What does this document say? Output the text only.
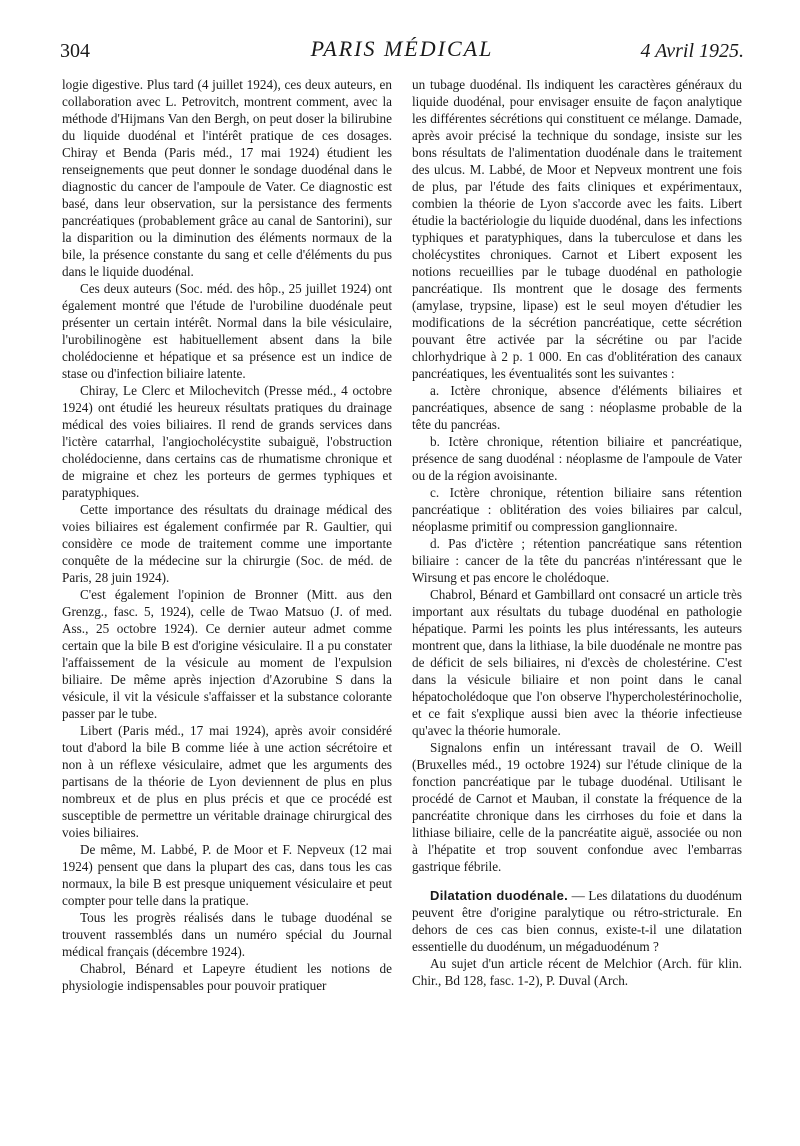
304	PARIS MÉDICAL	4 Avril 1925.

logie digestive. Plus tard (4 juillet 1924), ces deux auteurs, en collaboration avec L. Petrovitch, montrent comment, avec la méthode d'Hijmans Van den Bergh, on peut doser la bilirubine du liquide duodénal et l'intérêt pratique de ces dosages. Chiray et Benda (Paris méd., 17 mai 1924) étudient les renseignements que peut donner le sondage duodénal dans le diagnostic du cancer de l'ampoule de Vater. Ce diagnostic est basé, dans leur observation, sur la persistance des ferments pancréatiques (probablement grâce au canal de Santorini), sur la disparition ou la diminution des éléments normaux de la bile, la présence constante du sang et celle d'éléments du pus dans le liquide duodénal.

Ces deux auteurs (Soc. méd. des hôp., 25 juillet 1924) ont également montré que l'étude de l'urobiline duodénale peut présenter un certain intérêt. Normal dans la bile vésiculaire, l'urobilinogène est habituellement absent dans la bile cholédocienne et hépatique et sa présence est un indice de stase ou d'infection biliaire latente.

Chiray, Le Clerc et Milochevitch (Presse méd., 4 octobre 1924) ont étudié les heureux résultats pratiques du drainage médical des voies biliaires. Il rend de grands services dans l'ictère catarrhal, l'angiocholécystite subaiguë, l'obstruction cholédocienne, dans certains cas de rhumatisme chronique et de migraine et chez les porteurs de germes typhiques et paratyphiques.

Cette importance des résultats du drainage médical des voies biliaires est également confirmée par R. Gaultier, qui considère ce mode de traitement comme une importante conquête de la médecine sur la chirurgie (Soc. de méd. de Paris, 28 juin 1924).

C'est également l'opinion de Bronner (Mitt. aus den Grenzg., fasc. 5, 1924), celle de Twao Matsuo (J. of med. Ass., 25 octobre 1924). Ce dernier auteur admet comme certain que la bile B est d'origine vésiculaire. Il a pu constater l'affaissement de la vésicule au moment de l'expulsion biliaire. De même après injection d'Azorubine S dans la vésicule, il vit la vésicule s'affaisser et la substance colorante passer par le tube.

Libert (Paris méd., 17 mai 1924), après avoir considéré tout d'abord la bile B comme liée à une action sécrétoire et non à un réflexe vésiculaire, admet que les arguments des partisans de la théorie de Lyon deviennent de plus en plus nombreux et de plus en plus précis et que ce procédé est susceptible de permettre un véritable drainage chirurgical des voies biliaires.

De même, M. Labbé, P. de Moor et F. Nepveux (12 mai 1924) pensent que dans la plupart des cas, dans tous les cas normaux, la bile B est presque uniquement vésiculaire et peut compter pour telle dans la pratique.

Tous les progrès réalisés dans le tubage duodénal se trouvent rassemblés dans un numéro spécial du Journal médical français (décembre 1924).

Chabrol, Bénard et Lapeyre étudient les notions de physiologie indispensables pour pouvoir pratiquer

un tubage duodénal. Ils indiquent les caractères généraux du liquide duodénal, pour envisager ensuite de façon analytique les différentes sécrétions qui constituent ce mélange. Damade, après avoir précisé la technique du sondage, insiste sur les bons résultats de l'alimentation duodénale dans le traitement des ulcus. M. Labbé, de Moor et Nepveux montrent une fois de plus, par l'étude des faits cliniques et expérimentaux, combien la théorie de Lyon s'accorde avec les faits. Libert étudie la bactériologie du liquide duodénal, dans les infections typhiques et paratyphiques, dans la tuberculose et dans les cholécystites chroniques. Carnot et Libert exposent les notions recueillies par le tubage duodénal en pathologie pancréatique. Ils montrent que le dosage des ferments (amylase, trypsine, lipase) est le seul moyen d'étudier les modifications de la sécrétion pancréatique, cette sécrétion pouvant être activée par la sécrétine ou par l'acide chlorhydrique à 2 p. 1 000. En cas d'oblitération des canaux pancréatiques, les éventualités sont les suivantes :

a. Ictère chronique, absence d'éléments biliaires et pancréatiques, absence de sang : néoplasme probable de la tête du pancréas.

b. Ictère chronique, rétention biliaire et pancréatique, présence de sang duodénal : néoplasme de l'ampoule de Vater ou de la région avoisinante.

c. Ictère chronique, rétention biliaire sans rétention pancréatique : oblitération des voies biliaires par calcul, néoplasme primitif ou compression ganglionnaire.

d. Pas d'ictère ; rétention pancréatique sans rétention biliaire : cancer de la tête du pancréas n'intéressant que le Wirsung et pas encore le cholédoque.

Chabrol, Bénard et Gambillard ont consacré un article très important aux résultats du tubage duodénal en pathologie hépatique. Parmi les points les plus intéressants, les auteurs montrent que, dans la lithiase, la bile duodénale ne montre pas de déficit de sels biliaires, ni d'excès de cholestérine. C'est dans la vésicule biliaire et non point dans le canal hépatocholédoque que l'on observe l'hypercholestérinocholie, et ce fait s'explique aussi bien avec la théorie infectieuse qu'avec la théorie humorale.

Signalons enfin un intéressant travail de O. Weill (Bruxelles méd., 19 octobre 1924) sur l'étude clinique de la fonction pancréatique par le tubage duodénal. Utilisant le procédé de Carnot et Mauban, il constate la fréquence de la pancréatite chronique dans les cirrhoses du foie et dans la lithiase biliaire, celle de la pancréatite aiguë, associée ou non à l'hépatite et trop souvent confondue avec l'embarras gastrique fébrile.

Dilatation duodénale. — Les dilatations du duodénum peuvent être d'origine paralytique ou rétro-stricturale. En dehors de ces cas bien connus, existe-t-il une dilatation essentielle du duodénum, un mégaduodénum ?

Au sujet d'un article récent de Melchior (Arch. für klin. Chir., Bd 128, fasc. 1-2), P. Duval (Arch.
